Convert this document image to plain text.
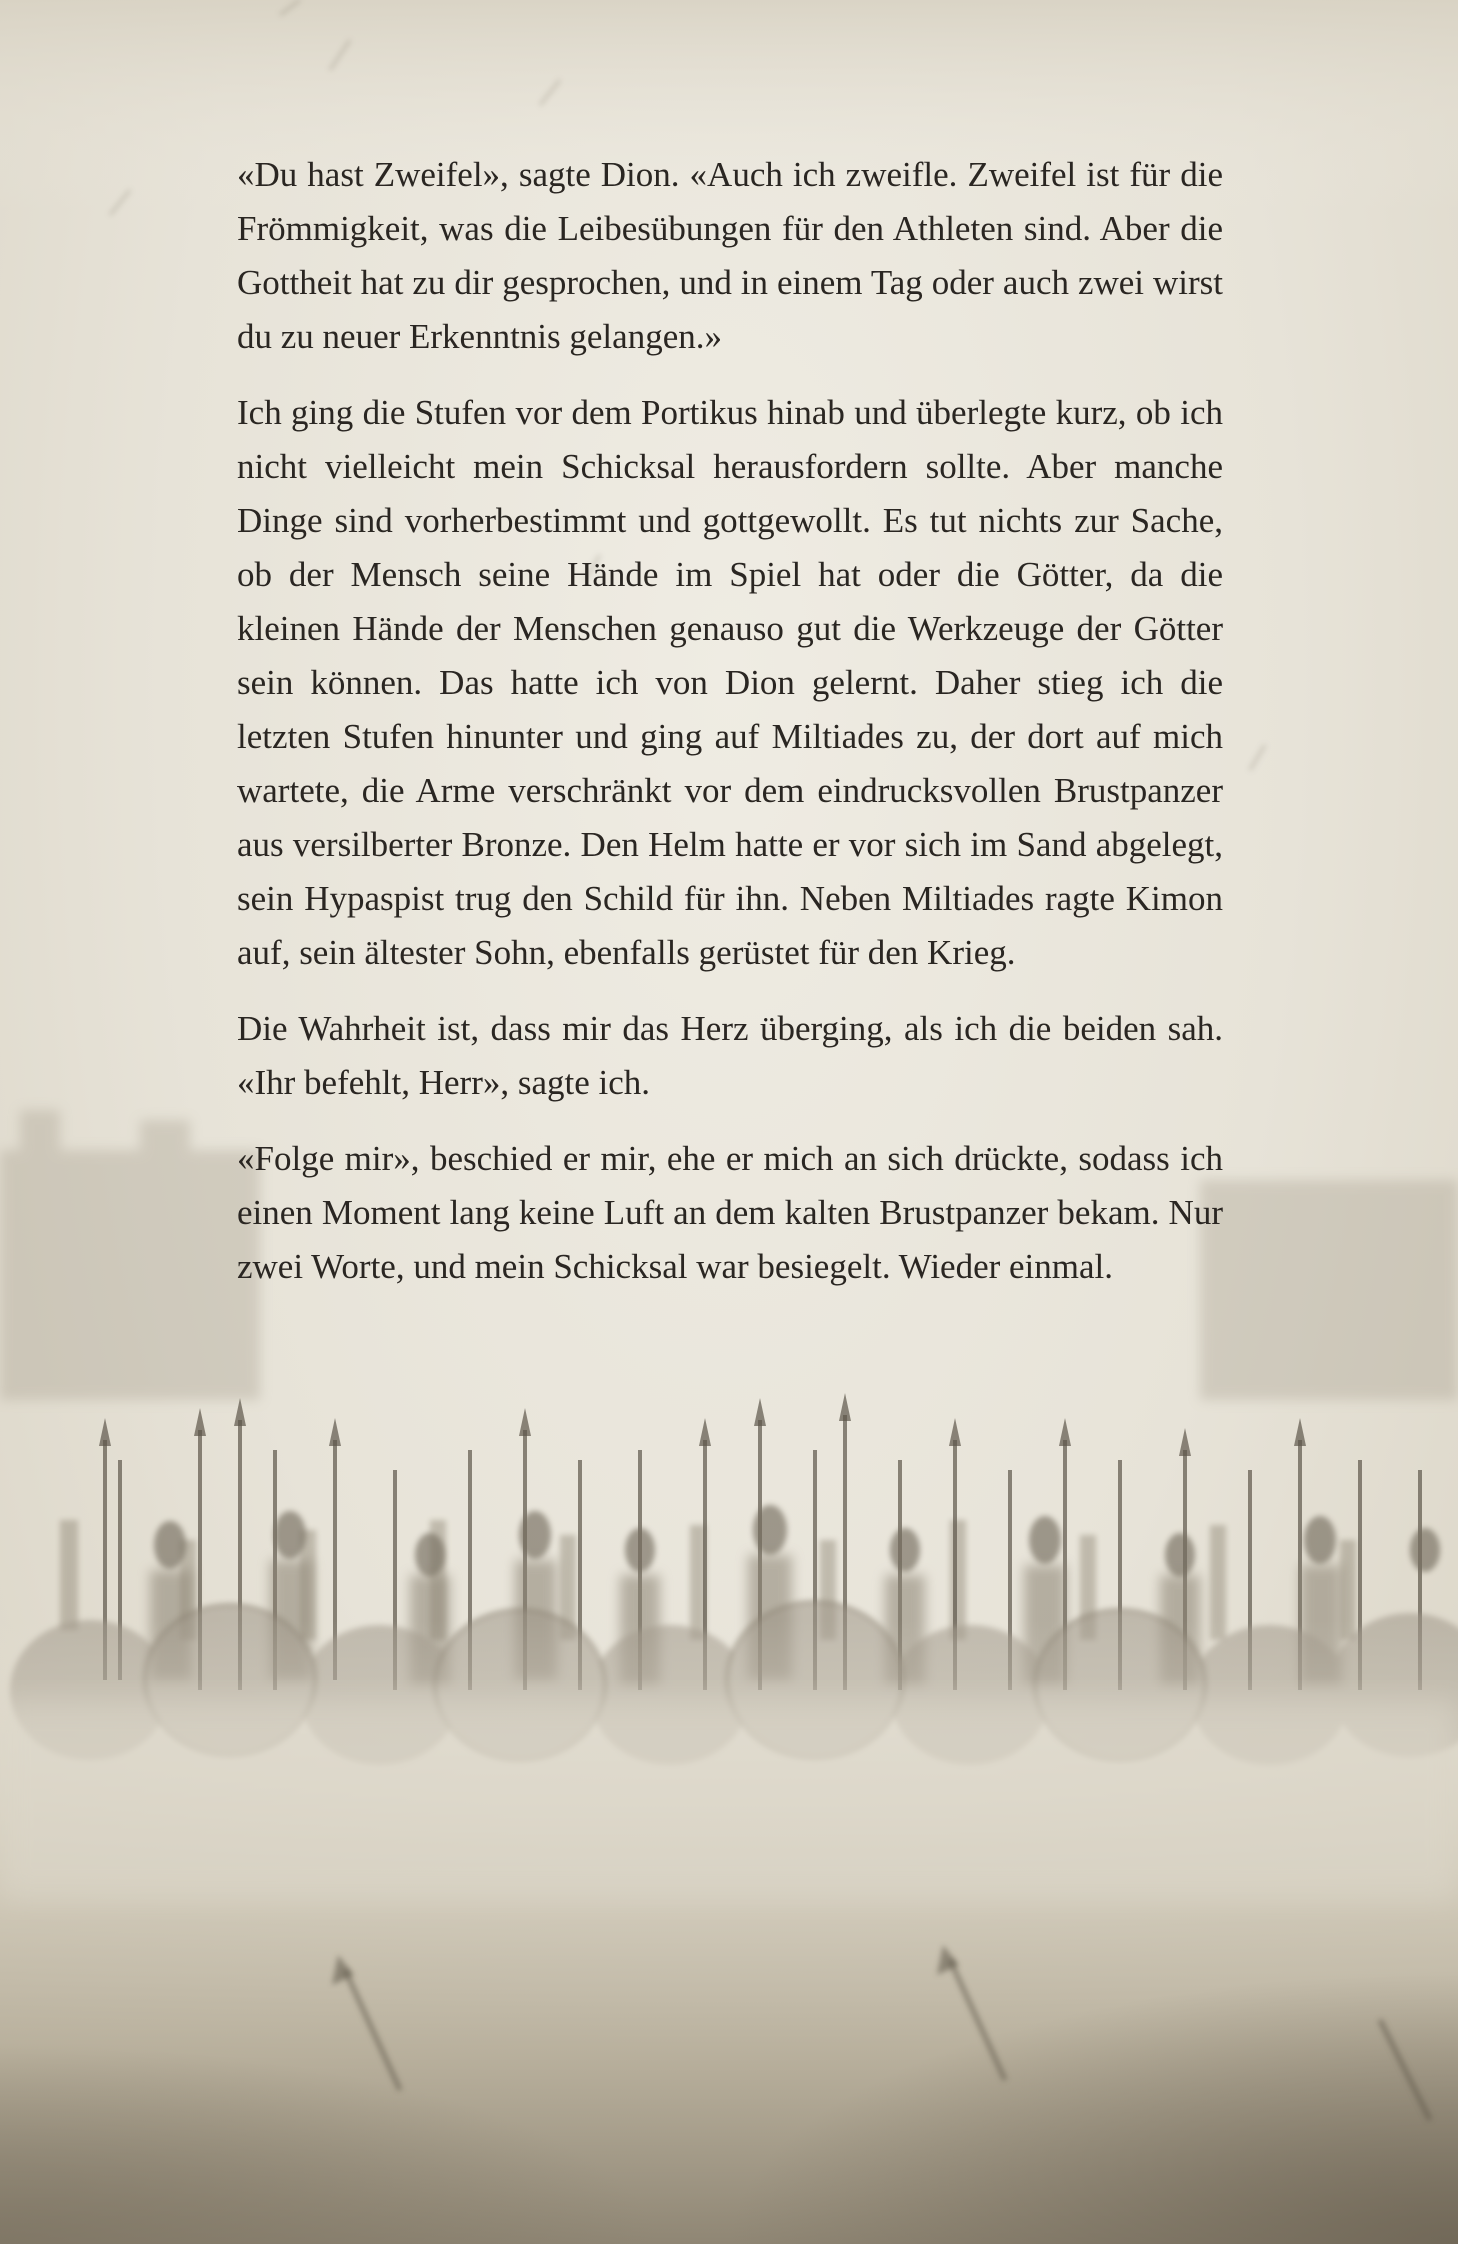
«Du hast Zweifel», sagte Dion. «Auch ich zweifle. Zweifel ist für die Frömmigkeit, was die Leibesübungen für den Athleten sind. Aber die Gottheit hat zu dir gesprochen, und in einem Tag oder auch zwei wirst du zu neuer Erkenntnis gelangen.»

Ich ging die Stufen vor dem Portikus hinab und überlegte kurz, ob ich nicht vielleicht mein Schicksal herausfordern sollte. Aber manche Dinge sind vorherbestimmt und gottgewollt. Es tut nichts zur Sache, ob der Mensch seine Hände im Spiel hat oder die Götter, da die kleinen Hände der Menschen genauso gut die Werkzeuge der Götter sein können. Das hatte ich von Dion gelernt. Daher stieg ich die letzten Stufen hinunter und ging auf Miltiades zu, der dort auf mich wartete, die Arme verschränkt vor dem eindrucksvollen Brustpanzer aus versilberter Bronze. Den Helm hatte er vor sich im Sand abgelegt, sein Hypaspist trug den Schild für ihn. Neben Miltiades ragte Kimon auf, sein ältester Sohn, ebenfalls gerüstet für den Krieg.

Die Wahrheit ist, dass mir das Herz überging, als ich die beiden sah. «Ihr befehlt, Herr», sagte ich.

«Folge mir», beschied er mir, ehe er mich an sich drückte, sodass ich einen Moment lang keine Luft an dem kalten Brustpanzer bekam. Nur zwei Worte, und mein Schicksal war besiegelt. Wieder einmal.
